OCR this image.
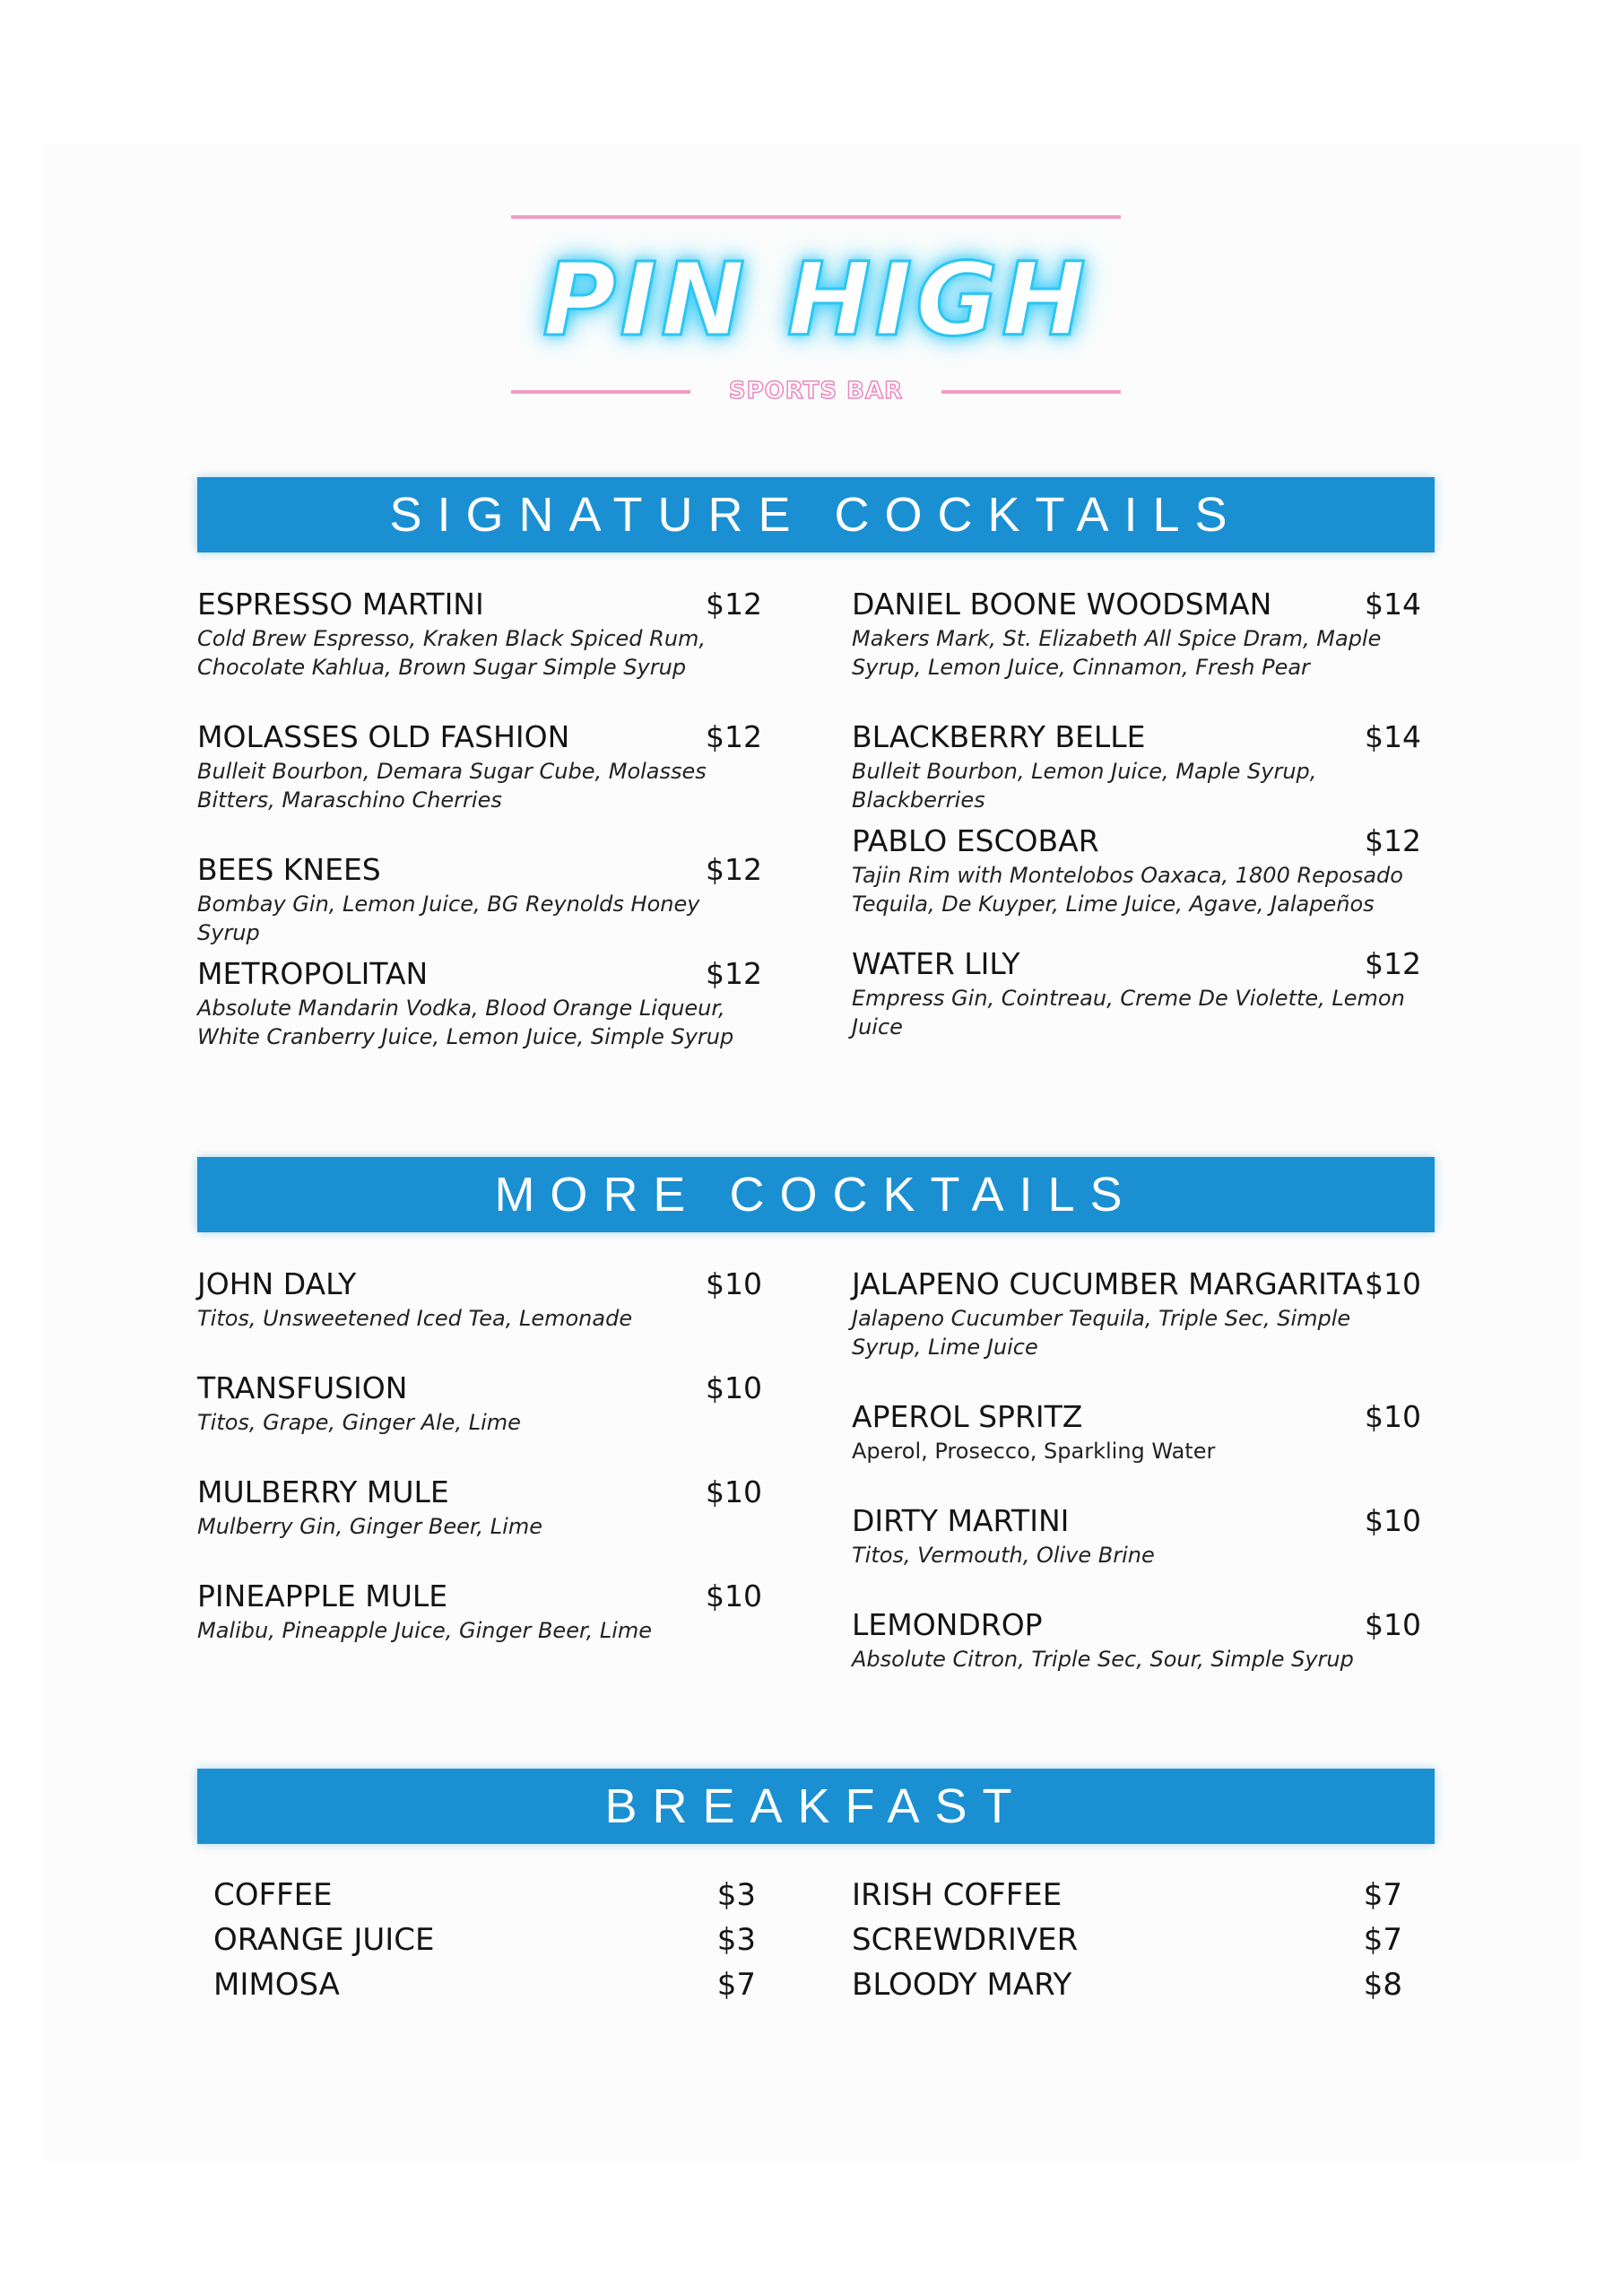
PIN HIGH
SPORTS BAR
SIGNATURE COCKTAILS
ESPRESSO MARTINI	$12
Cold Brew Espresso, Kraken Black Spiced Rum, Chocolate Kahlua, Brown Sugar Simple Syrup
MOLASSES OLD FASHION	$12
Bulleit Bourbon, Demara Sugar Cube, Molasses Bitters, Maraschino Cherries
BEES KNEES	$12
Bombay Gin, Lemon Juice, BG Reynolds Honey Syrup
METROPOLITAN	$12
Absolute Mandarin Vodka, Blood Orange Liqueur, White Cranberry Juice, Lemon Juice, Simple Syrup
DANIEL BOONE WOODSMAN	$14
Makers Mark, St. Elizabeth All Spice Dram, Maple Syrup, Lemon Juice, Cinnamon, Fresh Pear
BLACKBERRY BELLE	$14
Bulleit Bourbon, Lemon Juice, Maple Syrup, Blackberries
PABLO ESCOBAR	$12
Tajin Rim with Montelobos Oaxaca, 1800 Reposado Tequila, De Kuyper, Lime Juice, Agave, Jalapeños
WATER LILY	$12
Empress Gin, Cointreau, Creme De Violette, Lemon Juice
MORE COCKTAILS
JOHN DALY	$10
Titos, Unsweetened Iced Tea, Lemonade
TRANSFUSION	$10
Titos, Grape, Ginger Ale, Lime
MULBERRY MULE	$10
Mulberry Gin, Ginger Beer, Lime
PINEAPPLE MULE	$10
Malibu, Pineapple Juice, Ginger Beer, Lime
JALAPENO CUCUMBER MARGARITA $10
Jalapeno Cucumber Tequila, Triple Sec, Simple Syrup, Lime Juice
APEROL SPRITZ	$10
Aperol, Prosecco, Sparkling Water
DIRTY MARTINI	$10
Titos, Vermouth, Olive Brine
LEMONDROP	$10
Absolute Citron, Triple Sec, Sour, Simple Syrup
BREAKFAST
COFFEE	$3
ORANGE JUICE	$3
MIMOSA	$7
IRISH COFFEE	$7
SCREWDRIVER	$7
BLOODY MARY	$8
